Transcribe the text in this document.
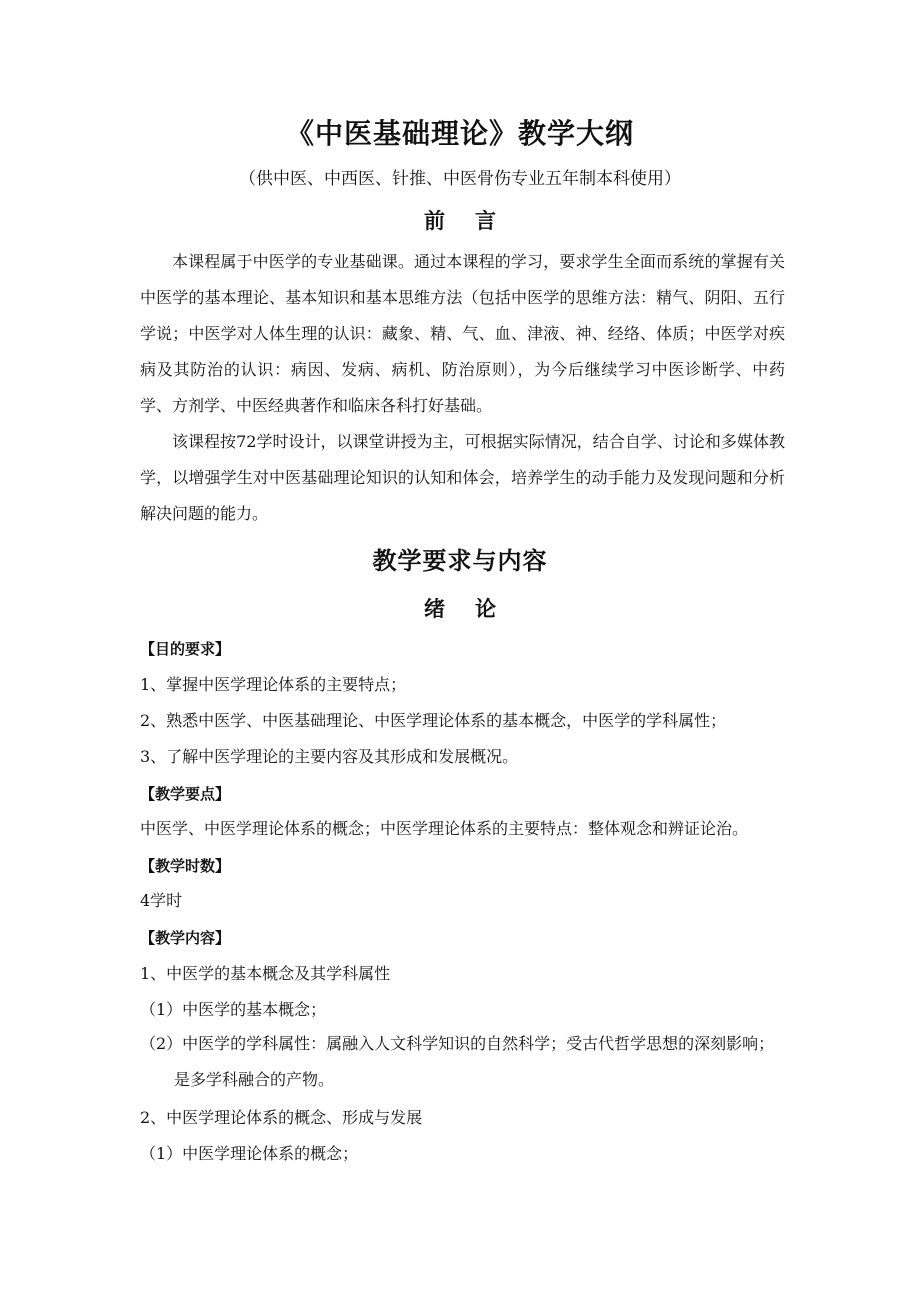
《中医基础理论》教学大纲
（供中医、中西医、针推、中医骨伤专业五年制本科使用）
前言

本课程属于中医学的专业基础课。通过本课程的学习，要求学生全面而系统的掌握有关中医学的基本理论、基本知识和基本思维方法（包括中医学的思维方法：精气、阴阳、五行学说；中医学对人体生理的认识：藏象、精、气、血、津液、神、经络、体质；中医学对疾病及其防治的认识：病因、发病、病机、防治原则），为今后继续学习中医诊断学、中药学、方剂学、中医经典著作和临床各科打好基础。

该课程按72学时设计，以课堂讲授为主，可根据实际情况，结合自学、讨论和多媒体教学，以增强学生对中医基础理论知识的认知和体会，培养学生的动手能力及发现问题和分析解决问题的能力。

教学要求与内容
绪论
【目的要求】
1、掌握中医学理论体系的主要特点；
2、熟悉中医学、中医基础理论、中医学理论体系的基本概念，中医学的学科属性；
3、了解中医学理论的主要内容及其形成和发展概况。
【教学要点】
中医学、中医学理论体系的概念；中医学理论体系的主要特点：整体观念和辨证论治。
【教学时数】
4学时
【教学内容】
1、中医学的基本概念及其学科属性
（1）中医学的基本概念；
（2）中医学的学科属性：属融入人文科学知识的自然科学；受古代哲学思想的深刻影响；是多学科融合的产物。
2、中医学理论体系的概念、形成与发展
（1）中医学理论体系的概念；
